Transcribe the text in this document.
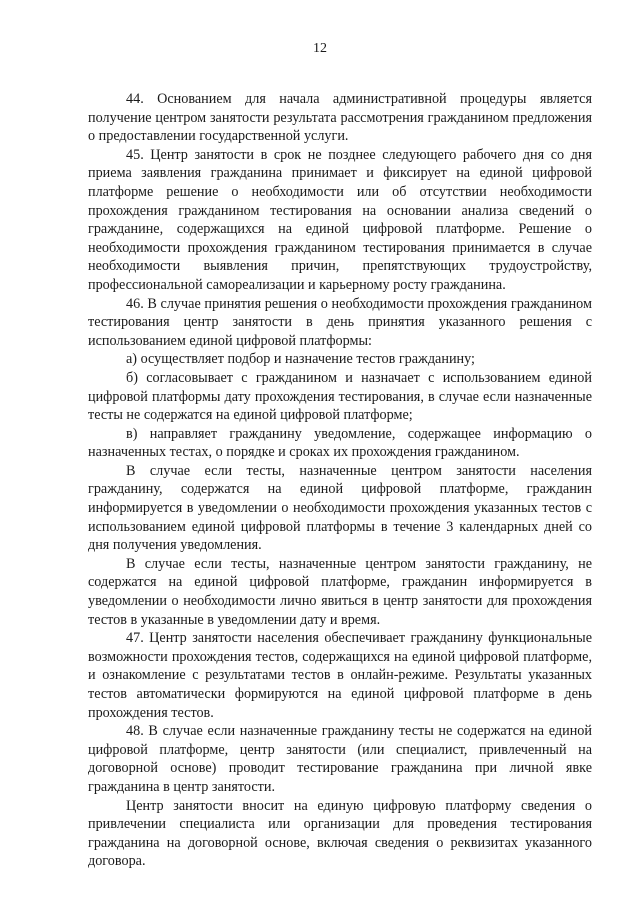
12

44. Основанием для начала административной процедуры является получение центром занятости результата рассмотрения гражданином предложения о предоставлении государственной услуги.

45. Центр занятости в срок не позднее следующего рабочего дня со дня приема заявления гражданина принимает и фиксирует на единой цифровой платформе решение о необходимости или об отсутствии необходимости прохождения гражданином тестирования на основании анализа сведений о гражданине, содержащихся на единой цифровой платформе. Решение о необходимости прохождения гражданином тестирования принимается в случае необходимости выявления причин, препятствующих трудоустройству, профессиональной самореализации и карьерному росту гражданина.

46. В случае принятия решения о необходимости прохождения гражданином тестирования центр занятости в день принятия указанного решения с использованием единой цифровой платформы:

а) осуществляет подбор и назначение тестов гражданину;

б) согласовывает с гражданином и назначает с использованием единой цифровой платформы дату прохождения тестирования, в случае если назначенные тесты не содержатся на единой цифровой платформе;

в) направляет гражданину уведомление, содержащее информацию о назначенных тестах, о порядке и сроках их прохождения гражданином.

В случае если тесты, назначенные центром занятости населения гражданину, содержатся на единой цифровой платформе, гражданин информируется в уведомлении о необходимости прохождения указанных тестов с использованием единой цифровой платформы в течение 3 календарных дней со дня получения уведомления.

В случае если тесты, назначенные центром занятости гражданину, не содержатся на единой цифровой платформе, гражданин информируется в уведомлении о необходимости лично явиться в центр занятости для прохождения тестов в указанные в уведомлении дату и время.

47. Центр занятости населения обеспечивает гражданину функциональные возможности прохождения тестов, содержащихся на единой цифровой платформе, и ознакомление с результатами тестов в онлайн-режиме. Результаты указанных тестов автоматически формируются на единой цифровой платформе в день прохождения тестов.

48. В случае если назначенные гражданину тесты не содержатся на единой цифровой платформе, центр занятости (или специалист, привлеченный на договорной основе) проводит тестирование гражданина при личной явке гражданина в центр занятости.

Центр занятости вносит на единую цифровую платформу сведения о привлечении специалиста или организации для проведения тестирования гражданина на договорной основе, включая сведения о реквизитах указанного договора.
